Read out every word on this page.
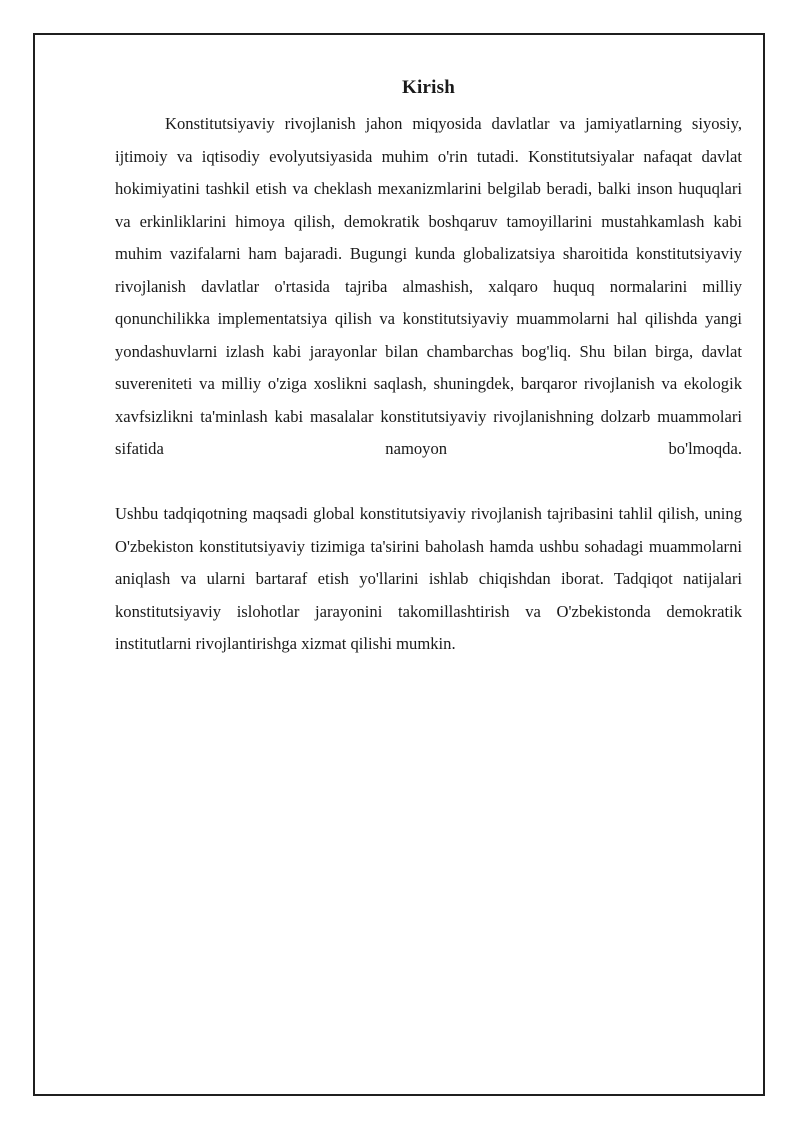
Kirish

Konstitutsiyaviy rivojlanish jahon miqyosida davlatlar va jamiyatlarning siyosiy, ijtimoiy va iqtisodiy evolyutsiyasida muhim o'rin tutadi. Konstitutsiyalar nafaqat davlat hokimiyatini tashkil etish va cheklash mexanizmlarini belgilab beradi, balki inson huquqlari va erkinliklarini himoya qilish, demokratik boshqaruv tamoyillarini mustahkamlash kabi muhim vazifalarni ham bajaradi. Bugungi kunda globalizatsiya sharoitida konstitutsiyaviy rivojlanish davlatlar o'rtasida tajriba almashish, xalqaro huquq normalarini milliy qonunchilikka implementatsiya qilish va konstitutsiyaviy muammolarni hal qilishda yangi yondashuvlarni izlash kabi jarayonlar bilan chambarchas bog'liq. Shu bilan birga, davlat suvereniteti va milliy o'ziga xoslikni saqlash, shuningdek, barqaror rivojlanish va ekologik xavfsizlikni ta'minlash kabi masalalar konstitutsiyaviy rivojlanishning dolzarb muammolari sifatida namoyon bo'lmoqda.

Ushbu tadqiqotning maqsadi global konstitutsiyaviy rivojlanish tajribasini tahlil qilish, uning O'zbekiston konstitutsiyaviy tizimiga ta'sirini baholash hamda ushbu sohadagi muammolarni aniqlash va ularni bartaraf etish yo'llarini ishlab chiqishdan iborat. Tadqiqot natijalari konstitutsiyaviy islohotlar jarayonini takomillashtirish va O'zbekistonda demokratik institutlarni rivojlantirishga xizmat qilishi mumkin.
